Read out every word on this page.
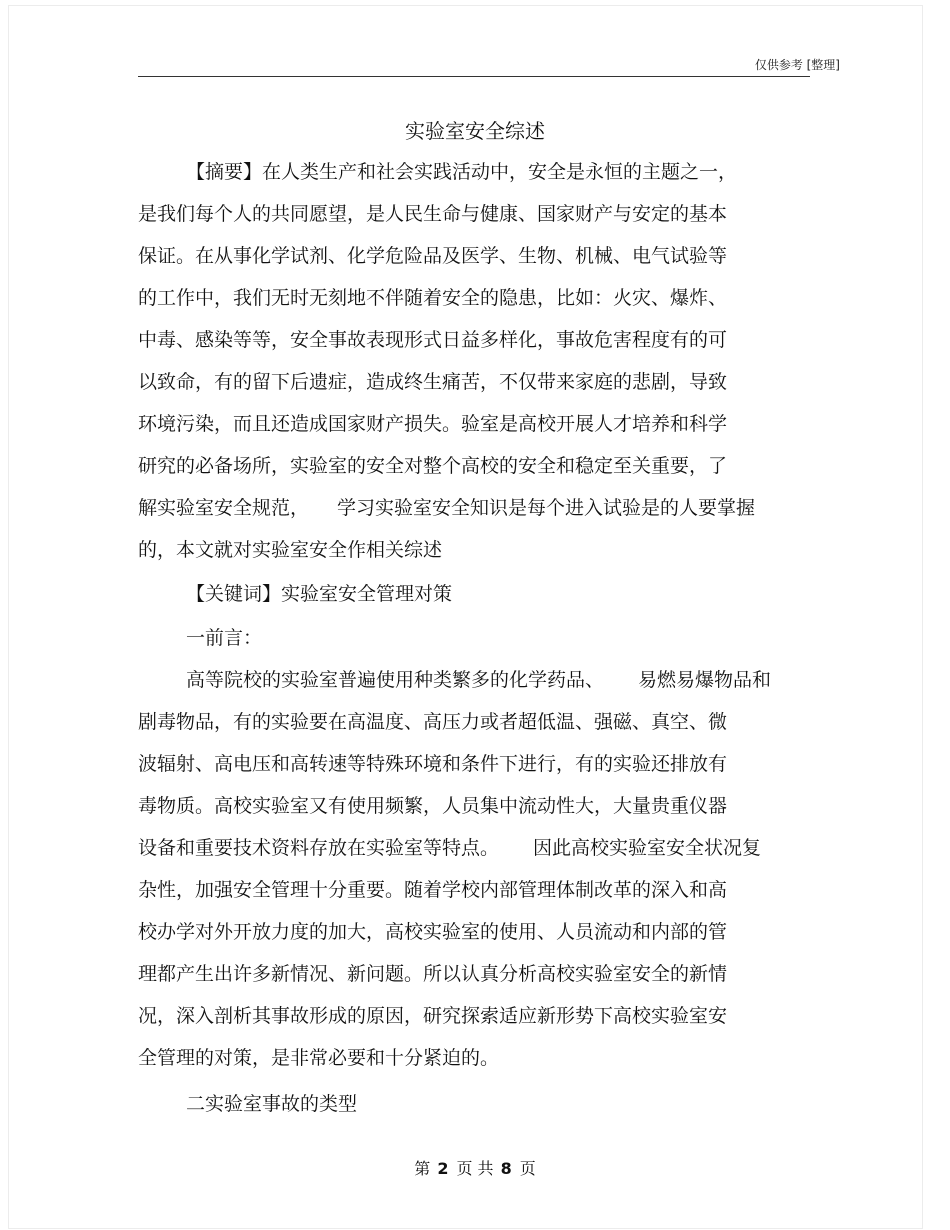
仅供参考 [整理]
实验室安全综述
【摘要】在人类生产和社会实践活动中，安全是永恒的主题之一，
是我们每个人的共同愿望，是人民生命与健康、国家财产与安定的基本
保证。在从事化学试剂、化学危险品及医学、生物、机械、电气试验等
的工作中，我们无时无刻地不伴随着安全的隐患，比如：火灾、爆炸、
中毒、感染等等，安全事故表现形式日益多样化，事故危害程度有的可
以致命，有的留下后遗症，造成终生痛苦，不仅带来家庭的悲剧，导致
环境污染，而且还造成国家财产损失。验室是高校开展人才培养和科学
研究的必备场所，实验室的安全对整个高校的安全和稳定至关重要，了
解实验室安全规范， 学习实验室安全知识是每个进入试验是的人要掌握
的，本文就对实验室安全作相关综述
【关键词】实验室安全管理对策
一前言：
高等院校的实验室普遍使用种类繁多的化学药品、 易燃易爆物品和
剧毒物品，有的实验要在高温度、高压力或者超低温、强磁、真空、微
波辐射、高电压和高转速等特殊环境和条件下进行，有的实验还排放有
毒物质。高校实验室又有使用频繁，人员集中流动性大，大量贵重仪器
设备和重要技术资料存放在实验室等特点。 因此高校实验室安全状况复
杂性，加强安全管理十分重要。随着学校内部管理体制改革的深入和高
校办学对外开放力度的加大，高校实验室的使用、人员流动和内部的管
理都产生出许多新情况、新问题。所以认真分析高校实验室安全的新情
况，深入剖析其事故形成的原因，研究探索适应新形势下高校实验室安
全管理的对策，是非常必要和十分紧迫的。
二实验室事故的类型
第 2 页 共 8 页
